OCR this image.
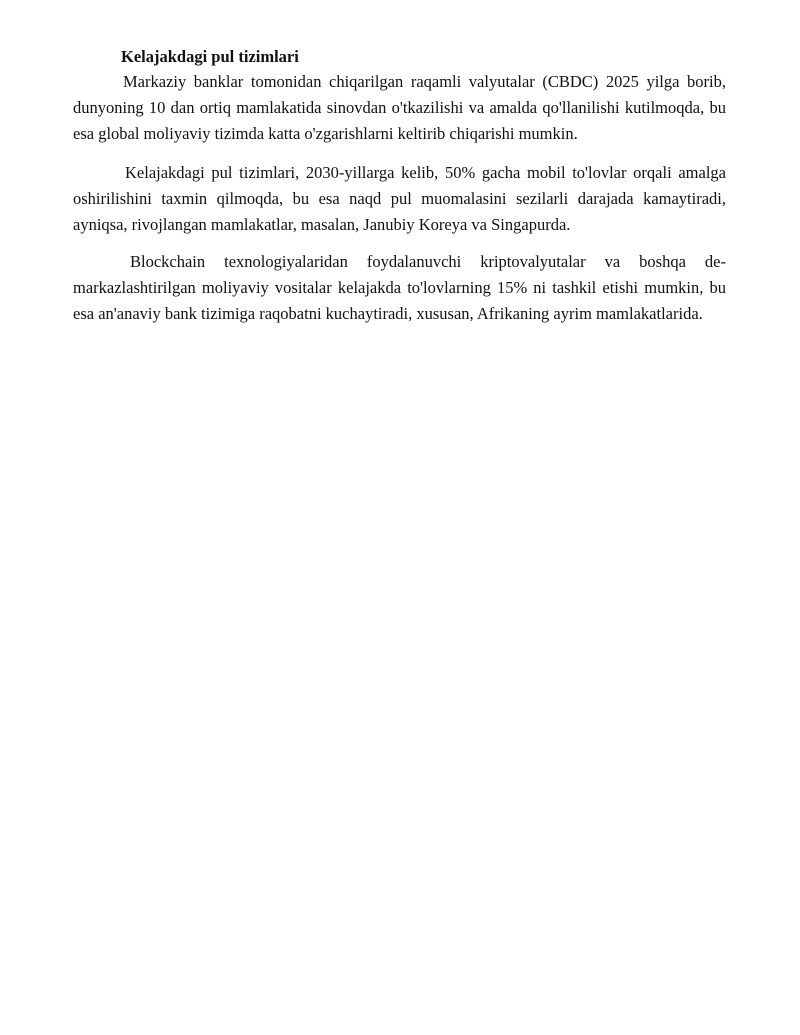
Kelajakdagi pul tizimlari

Markaziy banklar tomonidan chiqarilgan raqamli valyutalar (CBDC) 2025 yilga borib, dunyoning 10 dan ortiq mamlakatida sinovdan o'tkazilishi va amalda qo'llanilishi kutilmoqda, bu esa global moliyaviy tizimda katta o'zgarishlarni keltirib chiqarishi mumkin.

Kelajakdagi pul tizimlari, 2030-yillarga kelib, 50% gacha mobil to'lovlar orqali amalga oshirilishini taxmin qilmoqda, bu esa naqd pul muomalasini sezilarli darajada kamaytiradi, ayniqsa, rivojlangan mamlakatlar, masalan, Janubiy Koreya va Singapurda.

Blockchain texnologiyalaridan foydalanuvchi kriptovalyutalar va boshqa de-markazlashtirilgan moliyaviy vositalar kelajakda to'lovlarning 15% ni tashkil etishi mumkin, bu esa an'anaviy bank tizimiga raqobatni kuchaytiradi, xususan, Afrikaning ayrim mamlakatlarida.
